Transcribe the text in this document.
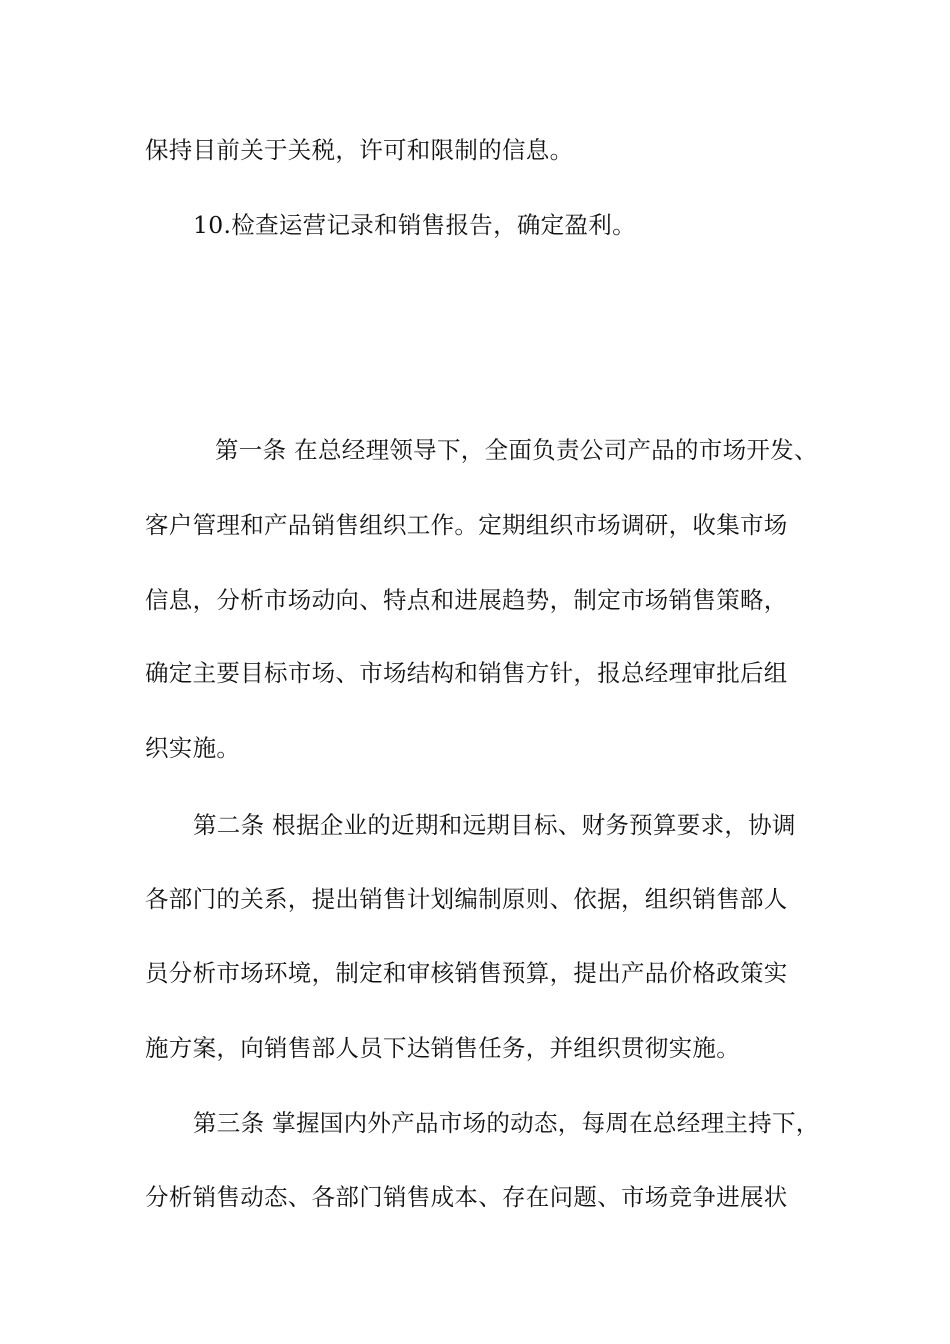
保持目前关于关税，许可和限制的信息。
10.检查运营记录和销售报告，确定盈利。
第一条 在总经理领导下，全面负责公司产品的市场开发、
客户管理和产品销售组织工作。定期组织市场调研，收集市场
信息，分析市场动向、特点和进展趋势，制定市场销售策略，
确定主要目标市场、市场结构和销售方针，报总经理审批后组
织实施。
第二条 根据企业的近期和远期目标、财务预算要求，协调
各部门的关系，提出销售计划编制原则、依据，组织销售部人
员分析市场环境，制定和审核销售预算，提出产品价格政策实
施方案，向销售部人员下达销售任务，并组织贯彻实施。
第三条 掌握国内外产品市场的动态，每周在总经理主持下，
分析销售动态、各部门销售成本、存在问题、市场竞争进展状
